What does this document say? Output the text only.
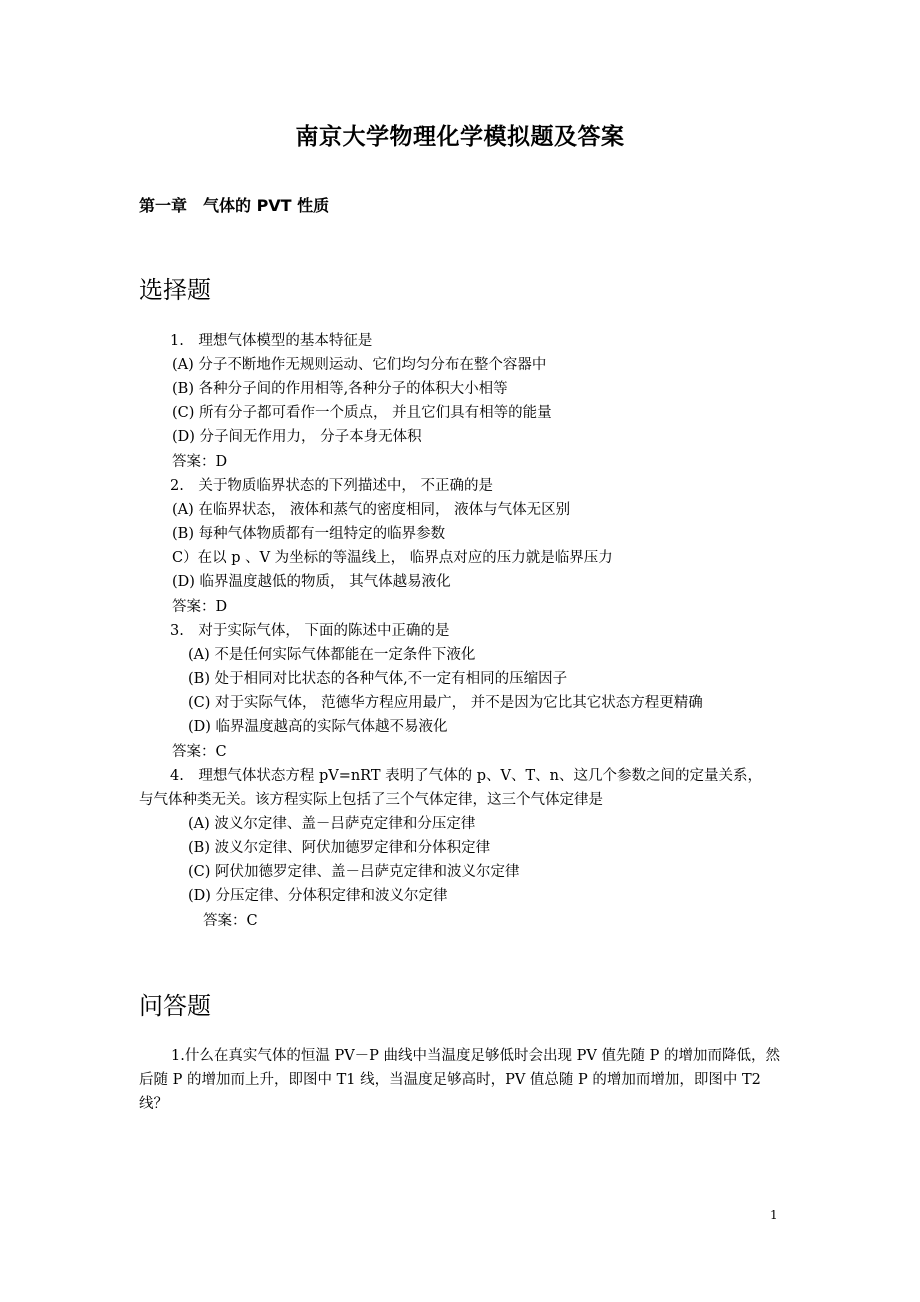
南京大学物理化学模拟题及答案
第一章　气体的 PVT 性质
选择题
1.　理想气体模型的基本特征是
(A) 分子不断地作无规则运动、它们均匀分布在整个容器中
(B) 各种分子间的作用相等,各种分子的体积大小相等
(C) 所有分子都可看作一个质点， 并且它们具有相等的能量
(D) 分子间无作用力， 分子本身无体积
答案：D
2.　关于物质临界状态的下列描述中， 不正确的是
(A) 在临界状态， 液体和蒸气的密度相同， 液体与气体无区别
(B) 每种气体物质都有一组特定的临界参数
C）在以 p 、V 为坐标的等温线上， 临界点对应的压力就是临界压力
(D) 临界温度越低的物质， 其气体越易液化
答案：D
3.　对于实际气体， 下面的陈述中正确的是
(A) 不是任何实际气体都能在一定条件下液化
(B) 处于相同对比状态的各种气体,不一定有相同的压缩因子
(C) 对于实际气体， 范德华方程应用最广， 并不是因为它比其它状态方程更精确
(D) 临界温度越高的实际气体越不易液化
答案：C
4.　理想气体状态方程 pV=nRT 表明了气体的 p、V、T、n、这几个参数之间的定量关系，
与气体种类无关。该方程实际上包括了三个气体定律，这三个气体定律是
(A) 波义尔定律、盖－吕萨克定律和分压定律
(B) 波义尔定律、阿伏加德罗定律和分体积定律
(C) 阿伏加德罗定律、盖－吕萨克定律和波义尔定律
(D) 分压定律、分体积定律和波义尔定律
答案：C
问答题

1.什么在真实气体的恒温 PV－P 曲线中当温度足够低时会出现 PV 值先随 P 的增加而降低，然后随 P 的增加而上升，即图中 T1 线，当温度足够高时，PV 值总随 P 的增加而增加，即图中 T2 线？

1
